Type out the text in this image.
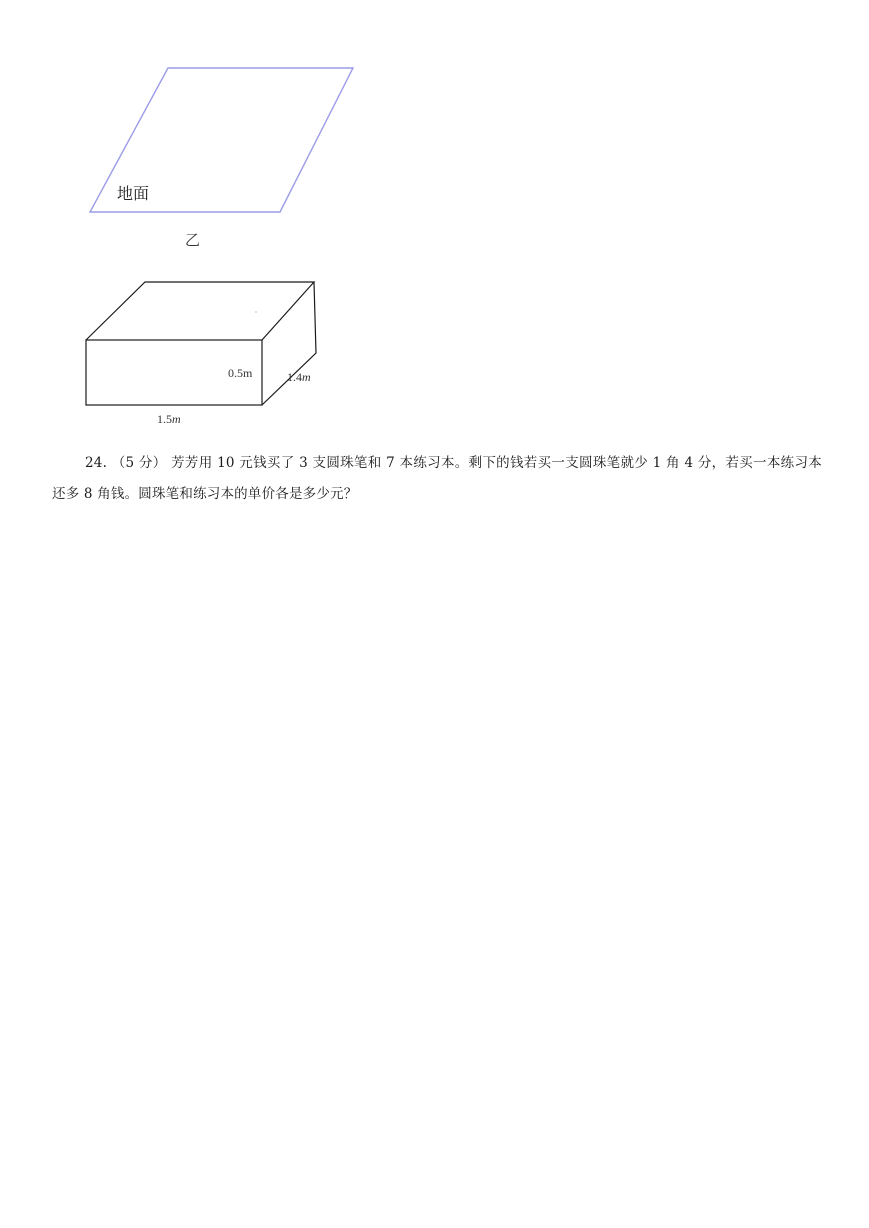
地面
乙
0.5m	1.4m
1.5m
24. （5 分） 芳芳用 10 元钱买了 3 支圆珠笔和 7 本练习本。剩下的钱若买一支圆珠笔就少 1 角 4 分，若买一本练习本还多 8 角钱。圆珠笔和练习本的单价各是多少元？
